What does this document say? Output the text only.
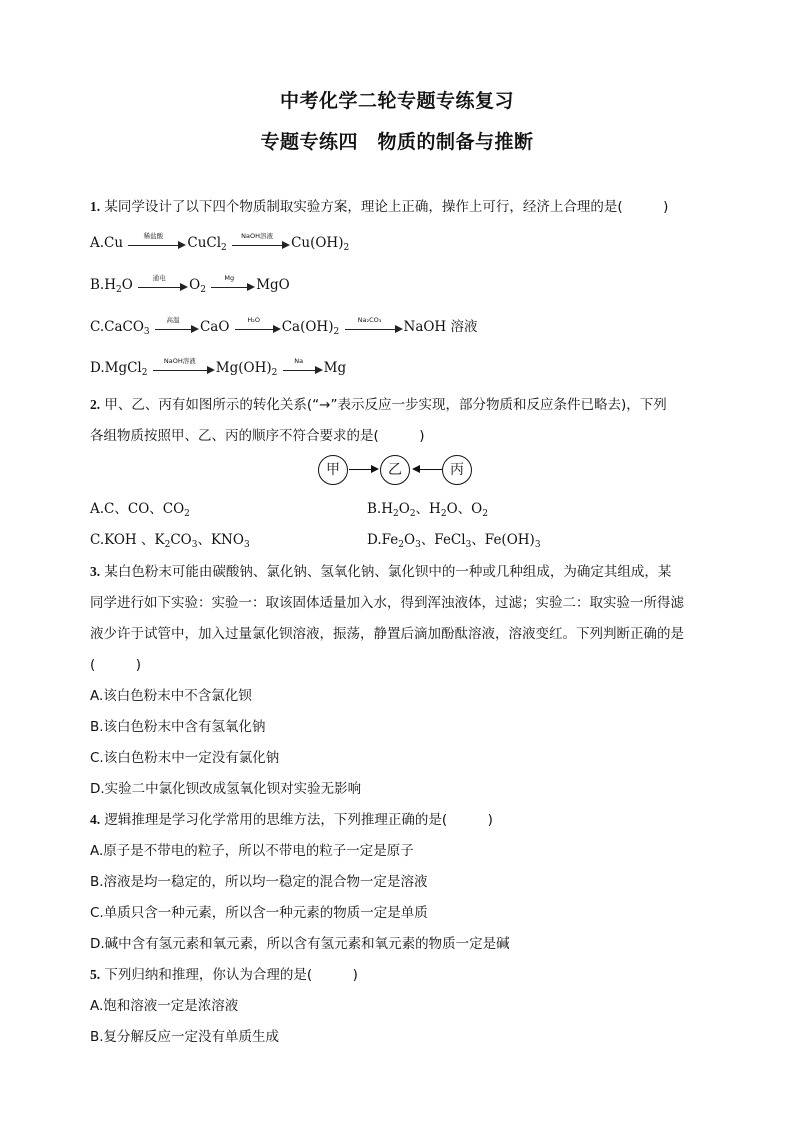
中考化学二轮专题专练复习
专题专练四　物质的制备与推断
1. 某同学设计了以下四个物质制取实验方案，理论上正确，操作上可行，经济上合理的是(　　　)
A.Cu	稀盐酸	CuCl$_2$
NaOH溶液	$Cu(OH)_2$
$B.H_2O$	通电	$O_2$
Mg	MgO
C.CaCO$_3$
高温	CaO	H₂O	$Ca(OH)_2$
Na₂CO₃	NaOH 溶液
D.MgCl$_2$
NaOH溶液	$Mg(OH)_2$
Na	Mg
2. 甲、乙、丙有如图所示的转化关系(“→”表示反应一步实现，部分物质和反应条件已略去)，下列
各组物质按照甲、乙、丙的顺序不符合要求的是(　　　)
甲	乙	丙
A.C、CO、$CO_2$	$B.H_2O_2$、$H_2O$、$O_2$
C.KOH 、$K_2CO_3$、$KNO_3$	$D.Fe_2O_3$、FeCl$_3$、$Fe(OH)_3$
3. 某白色粉末可能由碳酸钠、氯化钠、氢氧化钠、氯化钡中的一种或几种组成，为确定其组成，某
同学进行如下实验：实验一：取该固体适量加入水，得到浑浊液体，过滤；实验二：取实验一所得滤
液少许于试管中，加入过量氯化钡溶液，振荡，静置后滴加酚酞溶液，溶液变红。下列判断正确的是
(　　　)
A.该白色粉末中不含氯化钡
B.该白色粉末中含有氢氧化钠
C.该白色粉末中一定没有氯化钠
D.实验二中氯化钡改成氢氧化钡对实验无影响
4. 逻辑推理是学习化学常用的思维方法，下列推理正确的是(　　　)
A.原子是不带电的粒子，所以不带电的粒子一定是原子
B.溶液是均一稳定的，所以均一稳定的混合物一定是溶液
C.单质只含一种元素，所以含一种元素的物质一定是单质
D.碱中含有氢元素和氧元素，所以含有氢元素和氧元素的物质一定是碱
5. 下列归纳和推理，你认为合理的是(　　　)
A.饱和溶液一定是浓溶液
B.复分解反应一定没有单质生成
